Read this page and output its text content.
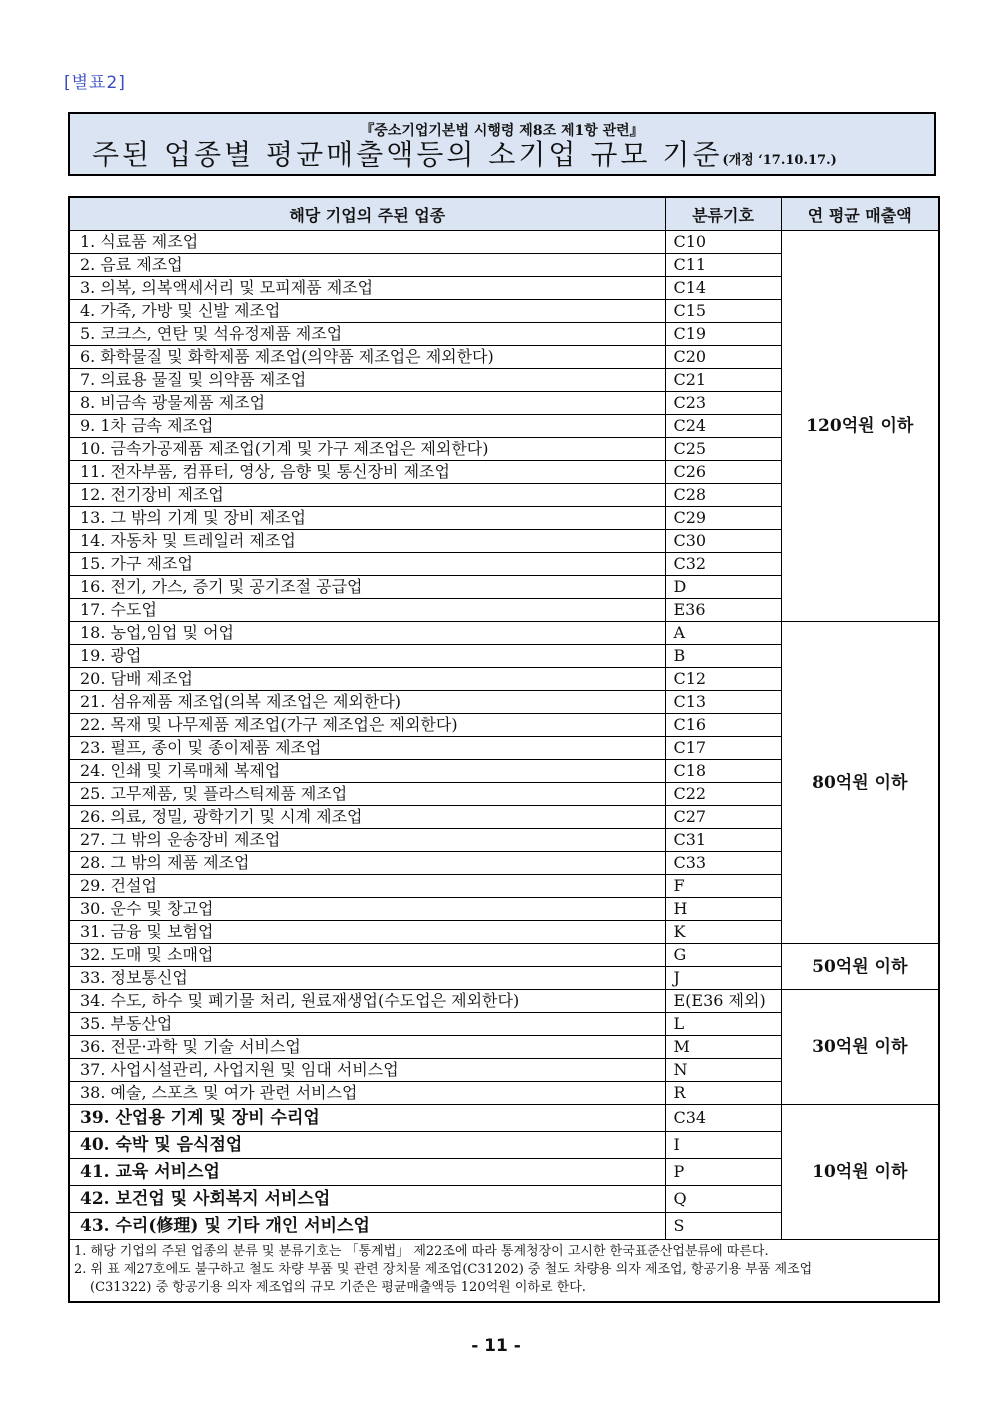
[별표2]
『중소기업기본법 시행령 제8조 제1항 관련』
주된 업종별 평균매출액등의 소기업 규모 기준(개정 ‘17.10.17.)
해당 기업의 주된 업종	분류기호	연 평균 매출액
1. 식료품 제조업	C10	120억원 이하
2. 음료 제조업	C11	
3. 의복, 의복액세서리 및 모피제품 제조업	C14	
4. 가죽, 가방 및 신발 제조업	C15	
5. 코크스, 연탄 및 석유정제품 제조업	C19	
6. 화학물질 및 화학제품 제조업(의약품 제조업은 제외한다)	C20	
7. 의료용 물질 및 의약품 제조업	C21	
8. 비금속 광물제품 제조업	C23	
9. 1차 금속 제조업	C24	
10. 금속가공제품 제조업(기계 및 가구 제조업은 제외한다)	C25	
11. 전자부품, 컴퓨터, 영상, 음향 및 통신장비 제조업	C26	
12. 전기장비 제조업	C28	
13. 그 밖의 기계 및 장비 제조업	C29	
14. 자동차 및 트레일러 제조업	C30	
15. 가구 제조업	C32	
16. 전기, 가스, 증기 및 공기조절 공급업	D	
17. 수도업	E36	
18. 농업,임업 및 어업	A	80억원 이하
19. 광업	B	
20. 담배 제조업	C12	
21. 섬유제품 제조업(의복 제조업은 제외한다)	C13	
22. 목재 및 나무제품 제조업(가구 제조업은 제외한다)	C16	
23. 펄프, 종이 및 종이제품 제조업	C17	
24. 인쇄 및 기록매체 복제업	C18	
25. 고무제품, 및 플라스틱제품 제조업	C22	
26. 의료, 정밀, 광학기기 및 시계 제조업	C27	
27. 그 밖의 운송장비 제조업	C31	
28. 그 밖의 제품 제조업	C33	
29. 건설업	F	
30. 운수 및 창고업	H	
31. 금융 및 보험업	K	
32. 도매 및 소매업	G	50억원 이하
33. 정보통신업	J	
34. 수도, 하수 및 폐기물 처리, 원료재생업(수도업은 제외한다)	E(E36 제외)	30억원 이하
35. 부동산업	L	
36. 전문·과학 및 기술 서비스업	M	
37. 사업시설관리, 사업지원 및 임대 서비스업	N	
38. 예술, 스포츠 및 여가 관련 서비스업	R	
39. 산업용 기계 및 장비 수리업	C34	10억원 이하
40. 숙박 및 음식점업	I	
41. 교육 서비스업	P	
42. 보건업 및 사회복지 서비스업	Q	
43. 수리(修理) 및 기타 개인 서비스업	S	

1. 해당 기업의 주된 업종의 분류 및 분류기호는 「통계법」 제22조에 따라 통계청장이 고시한 한국표준산업분류에 따른다.
2. 위 표 제27호에도 불구하고 철도 차량 부품 및 관련 장치물 제조업(C31202) 중 철도 차량용 의자 제조업, 항공기용 부품 제조업
(C31322) 중 항공기용 의자 제조업의 규모 기준은 평균매출액등 120억원 이하로 한다.		
- 11 -
